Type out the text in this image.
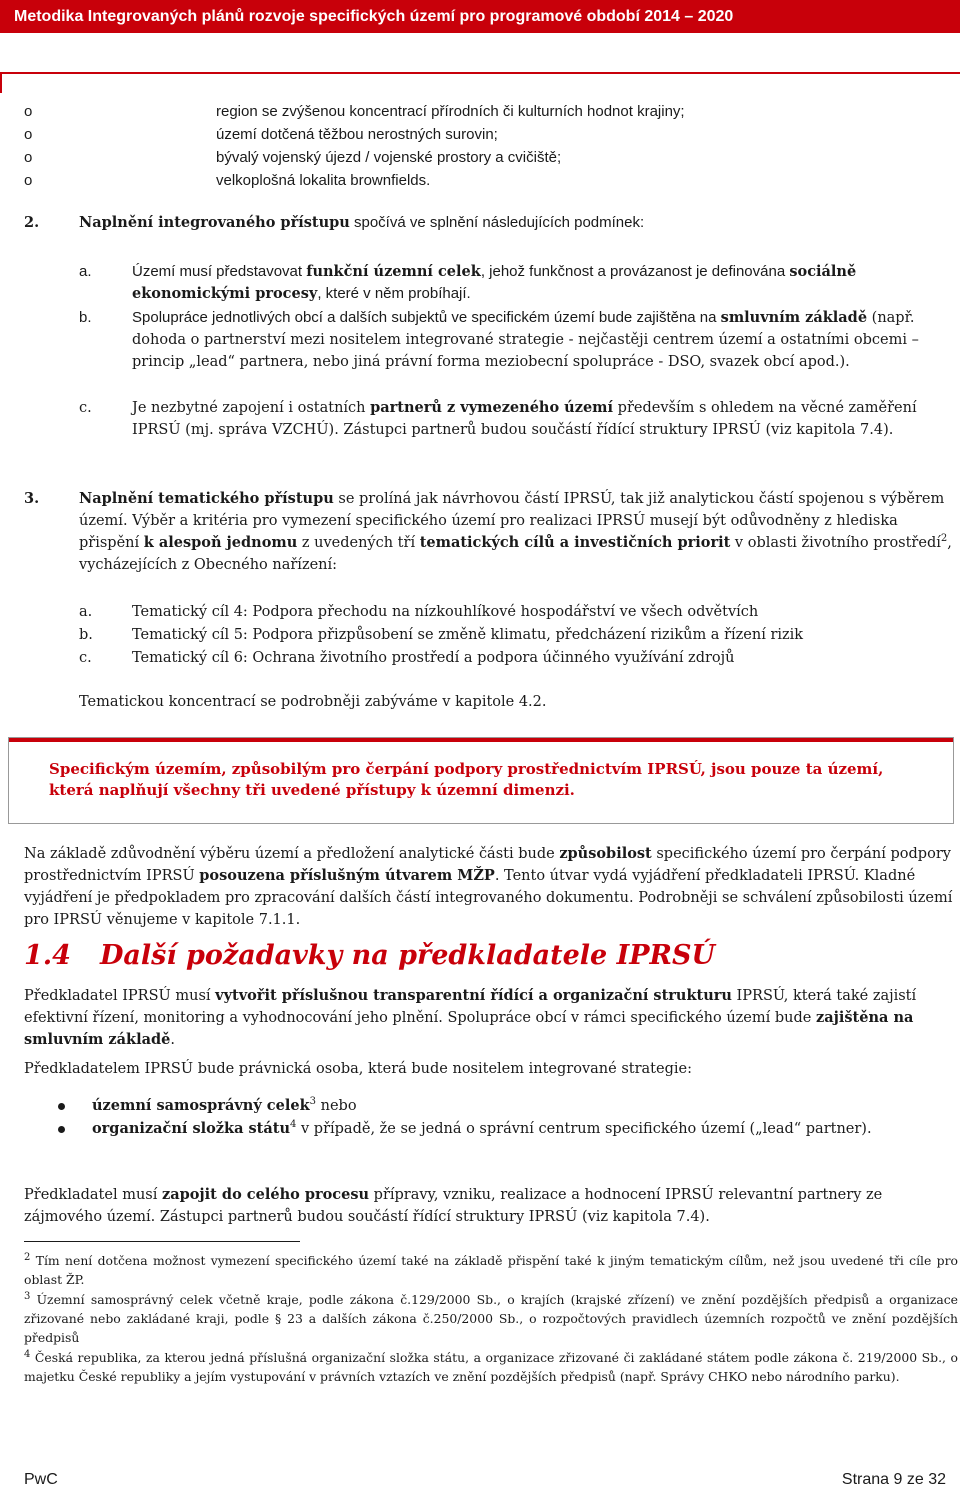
Metodika Integrovaných plánů rozvoje specifických území pro programové období 2014 – 2020
o	region se zvýšenou koncentrací přírodních či kulturních hodnot krajiny;
o	území dotčená těžbou nerostných surovin;
o	bývalý vojenský újezd / vojenské prostory a cvičiště;
o	velkoplošná lokalita brownfields.
2.	Naplnění integrovaného přístupu spočívá ve splnění následujících podmínek:
a.	Území musí představovat funkční územní celek, jehož funkčnost a provázanost je definována sociálně ekonomickými procesy, které v něm probíhají.
b.	Spolupráce jednotlivých obcí a dalších subjektů ve specifickém území bude zajištěna na smluvním základě (např. dohoda o partnerství mezi nositelem integrované strategie - nejčastěji centrem území a ostatními obcemi – princip „lead“ partnera, nebo jiná právní forma meziobecní spolupráce - DSO, svazek obcí apod.).
c.	Je nezbytné zapojení i ostatních partnerů z vymezeného území především s ohledem na věcné zaměření IPRSÚ (mj. správa VZCHÚ). Zástupci partnerů budou součástí řídící struktury IPRSÚ (viz kapitola 7.4).
3.	Naplnění tematického přístupu se prolíná jak návrhovou částí IPRSÚ, tak již analytickou částí spojenou s výběrem území. Výběr a kritéria pro vymezení specifického území pro realizaci IPRSÚ musejí být odůvodněny z hlediska přispění k alespoň jednomu z uvedených tří tematických cílů a investičních priorit v oblasti životního prostředí$^2$, vycházejících z Obecného nařízení:
a.	Tematický cíl 4: Podpora přechodu na nízkouhlíkové hospodářství ve všech odvětvích
b.	Tematický cíl 5: Podpora přizpůsobení se změně klimatu, předcházení rizikům a řízení rizik
c.	Tematický cíl 6: Ochrana životního prostředí a podpora účinného využívání zdrojů
Tematickou koncentrací se podrobněji zabýváme v kapitole 4.2.
Specifickým územím, způsobilým pro čerpání podpory prostřednictvím IPRSÚ, jsou pouze ta území, která naplňují všechny tři uvedené přístupy k územní dimenzi.
Na základě zdůvodnění výběru území a předložení analytické části bude způsobilost specifického území pro čerpání podpory prostřednictvím IPRSÚ posouzena příslušným útvarem MŽP. Tento útvar vydá vyjádření předkladateli IPRSÚ. Kladné vyjádření je předpokladem pro zpracování dalších částí integrovaného dokumentu. Podrobněji se schválení způsobilosti území pro IPRSÚ věnujeme v kapitole 7.1.1.
1.4 Další požadavky na předkladatele IPRSÚ
Předkladatel IPRSÚ musí vytvořit příslušnou transparentní řídící a organizační strukturu IPRSÚ, která také zajistí efektivní řízení, monitoring a vyhodnocování jeho plnění. Spolupráce obcí v rámci specifického území bude zajištěna na smluvním základě.
Předkladatelem IPRSÚ bude právnická osoba, která bude nositelem integrované strategie:
územní samosprávný celek$^3$ nebo
organizační složka státu$^4$ v případě, že se jedná o správní centrum specifického území („lead“ partner).
Předkladatel musí zapojit do celého procesu přípravy, vzniku, realizace a hodnocení IPRSÚ relevantní partnery ze zájmového území. Zástupci partnerů budou součástí řídící struktury IPRSÚ (viz kapitola 7.4).
$^2$ Tím není dotčena možnost vymezení specifického území také na základě přispění také k jiným tematickým cílům, než jsou uvedené tři cíle pro oblast ŽP.
$^3$ Územní samosprávný celek včetně kraje, podle zákona č.129/2000 Sb., o krajích (krajské zřízení) ve znění pozdějších předpisů a organizace zřizované nebo zakládané kraji, podle § 23 a dalších zákona č.250/2000 Sb., o rozpočtových pravidlech územních rozpočtů ve znění pozdějších předpisů
$^4$ Česká republika, za kterou jedná příslušná organizační složka státu, a organizace zřizované či zakládané státem podle zákona č. 219/2000 Sb., o majetku České republiky a jejím vystupování v právních vztazích ve znění pozdějších předpisů (např. Správy CHKO nebo národního parku).
PwC	Strana 9 ze 32
